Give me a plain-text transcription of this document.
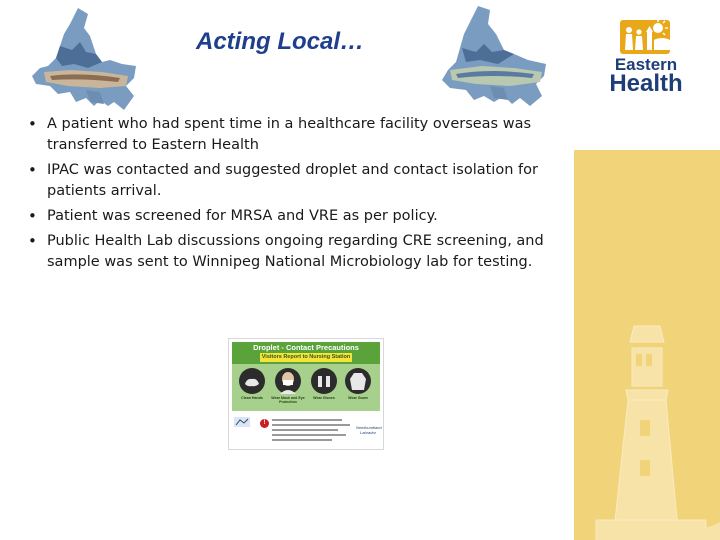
Eastern
Health
Acting Local…
• A patient who had spent time in a healthcare facility overseas was transferred to Eastern Health
• IPAC was contacted and suggested droplet and contact isolation for patients arrival.
• Patient was screened for MRSA and VRE as per policy.
• Public Health Lab discussions ongoing regarding CRE screening, and sample was sent to Winnipeg National Microbiology lab for testing.
Droplet - Contact Precautions
Visitors Report to Nursing Station
Clean Hands	Wear Mask and Eye Protection
Wear Gloves	Wear Gown
!
Newfoundland Labrador
